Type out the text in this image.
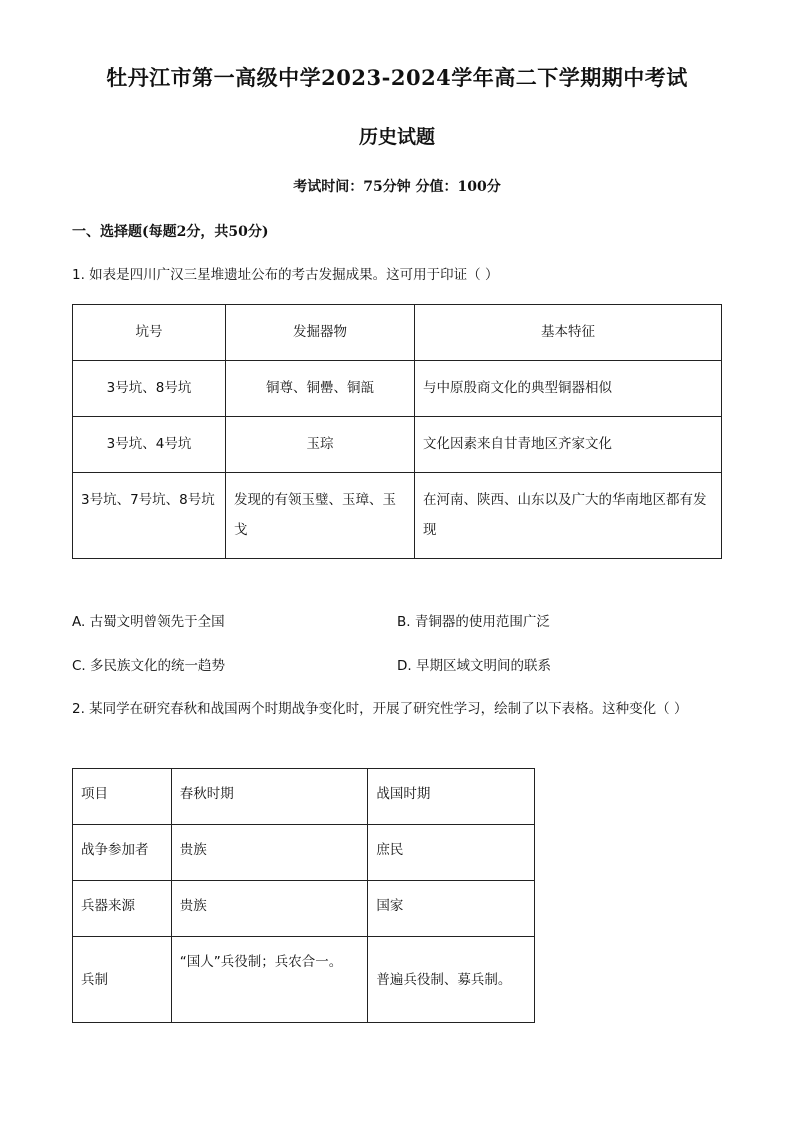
牡丹江市第一高级中学2023-2024学年高二下学期期中考试
历史试题
考试时间：75分钟 分值：100分
一、选择题(每题2分，共50分)
1. 如表是四川广汉三星堆遗址公布的考古发掘成果。这可用于印证（ ）
坑号	发掘器物	基本特征
3号坑、8号坑	铜尊、铜罍、铜瓿	与中原殷商文化的典型铜器相似
3号坑、4号坑	玉琮	文化因素来自甘青地区齐家文化
3号坑、7号坑、8号坑	发现的有领玉璧、玉璋、玉戈	在河南、陕西、山东以及广大的华南地区都有发现
A. 古蜀文明曾领先于全国	B. 青铜器的使用范围广泛
C. 多民族文化的统一趋势	D. 早期区域文明间的联系
2. 某同学在研究春秋和战国两个时期战争变化时，开展了研究性学习，绘制了以下表格。这种变化（ ）
项目	春秋时期	战国时期
战争参加者	贵族	庶民
兵器来源	贵族	国家
兵制	“国人”兵役制；兵农合一。	普遍兵役制、募兵制。
